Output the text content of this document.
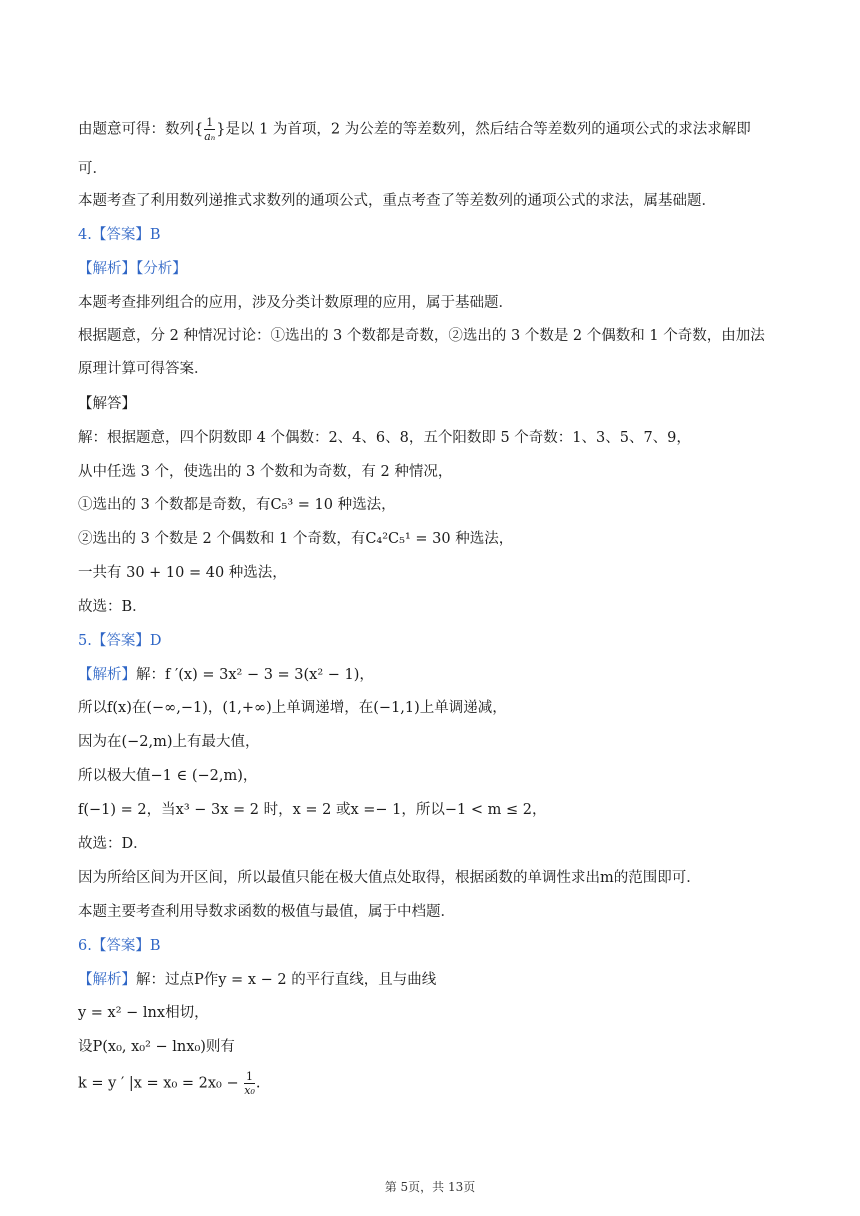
由题意可得：数列{ $\frac{1}{\text{aₙ}}$ }是以 1 为首项，2 为公差的等差数列，然后结合等差数列的通项公式的求法求解即
可．
本题考查了利用数列递推式求数列的通项公式，重点考查了等差数列的通项公式的求法，属基础题．
4.【答案】B
【解析】【分析】
本题考查排列组合的应用，涉及分类计数原理的应用，属于基础题．
根据题意，分 2 种情况讨论：①选出的 3 个数都是奇数，②选出的 3 个数是 2 个偶数和 1 个奇数，由加法
原理计算可得答案．
【解答】
解：根据题意，四个阴数即 4 个偶数：2、4、6、8，五个阳数即 5 个奇数：1、3、5、7、9，
从中任选 3 个，使选出的 3 个数和为奇数，有 2 种情况，
①选出的 3 个数都是奇数，有C₅³ = 10 种选法，
②选出的 3 个数是 2 个偶数和 1 个奇数，有C₄²C₅¹ = 30 种选法，
一共有 30 + 10 = 40 种选法，
故选：B．
5.【答案】D
【解析】解：f ′(x) = 3x² − 3 = 3(x² − 1)，
所以f(x)在(−∞,−1)，(1,+∞)上单调递增，在(−1,1)上单调递减，
因为在(−2,m)上有最大值，
所以极大值−1 ∈ (−2,m)，
f(−1) = 2，当x³ − 3x = 2 时，x = 2 或x =− 1，所以−1 < m ≤ 2，
故选：D．
因为所给区间为开区间，所以最值只能在极大值点处取得，根据函数的单调性求出m的范围即可．
本题主要考查利用导数求函数的极值与最值，属于中档题．
6.【答案】B
【解析】解：过点P作y = x − 2 的平行直线，且与曲线
y = x² − lnx相切，
设P(x₀, x₀² − lnx₀)则有
k = y ′ $|x = x_0 = 2x_0 - \frac{1}{\text{x₀}}$ .
第 5页，共 13页
